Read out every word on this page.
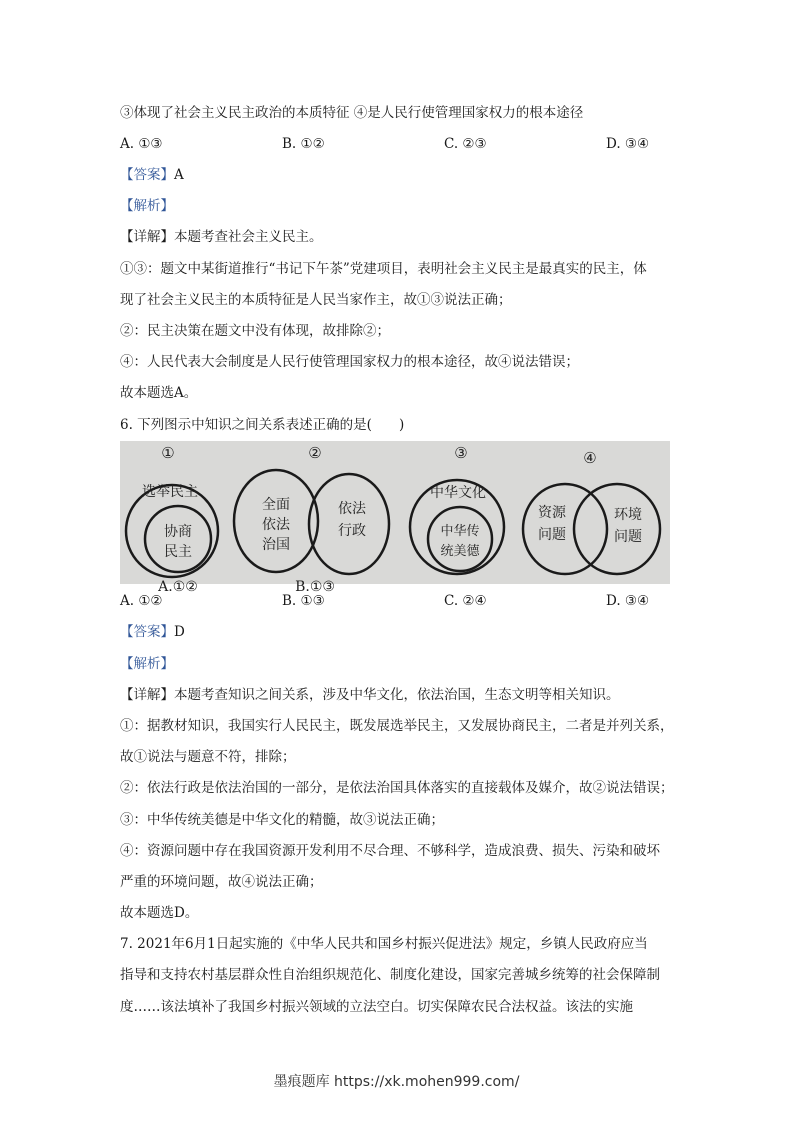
③体现了社会主义民主政治的本质特征 ④是人民行使管理国家权力的根本途径
A. ①③	B. ①②	C. ②③	D. ③④
【答案】A
【解析】
【详解】本题考查社会主义民主。
①③：题文中某街道推行“书记下午茶”党建项目，表明社会主义民主是最真实的民主，体
现了社会主义民主的本质特征是人民当家作主，故①③说法正确；
②：民主决策在题文中没有体现，故排除②；
④：人民代表大会制度是人民行使管理国家权力的根本途径，故④说法错误；
故本题选A。
6. 下列图示中知识之间关系表述正确的是(　　)
①
选举民主
协商
民主
A.①②
②
全面
依法
治国
依法
行政
B.①③
③
中华文化
中华传
统美德
④
资源
问题
环境
问题
A. ①②	B. ①③	C. ②④	D. ③④
【答案】D
【解析】
【详解】本题考查知识之间关系，涉及中华文化，依法治国，生态文明等相关知识。
①：据教材知识，我国实行人民民主，既发展选举民主，又发展协商民主，二者是并列关系，
故①说法与题意不符，排除；
②：依法行政是依法治国的一部分，是依法治国具体落实的直接载体及媒介，故②说法错误；
③：中华传统美德是中华文化的精髓，故③说法正确；
④：资源问题中存在我国资源开发利用不尽合理、不够科学，造成浪费、损失、污染和破坏
严重的环境问题，故④说法正确；
故本题选D。
7. 2021年6月1日起实施的《中华人民共和国乡村振兴促进法》规定，乡镇人民政府应当
指导和支持农村基层群众性自治组织规范化、制度化建设，国家完善城乡统筹的社会保障制
度……该法填补了我国乡村振兴领域的立法空白。切实保障农民合法权益。该法的实施
墨痕题库 https://xk.mohen999.com/
